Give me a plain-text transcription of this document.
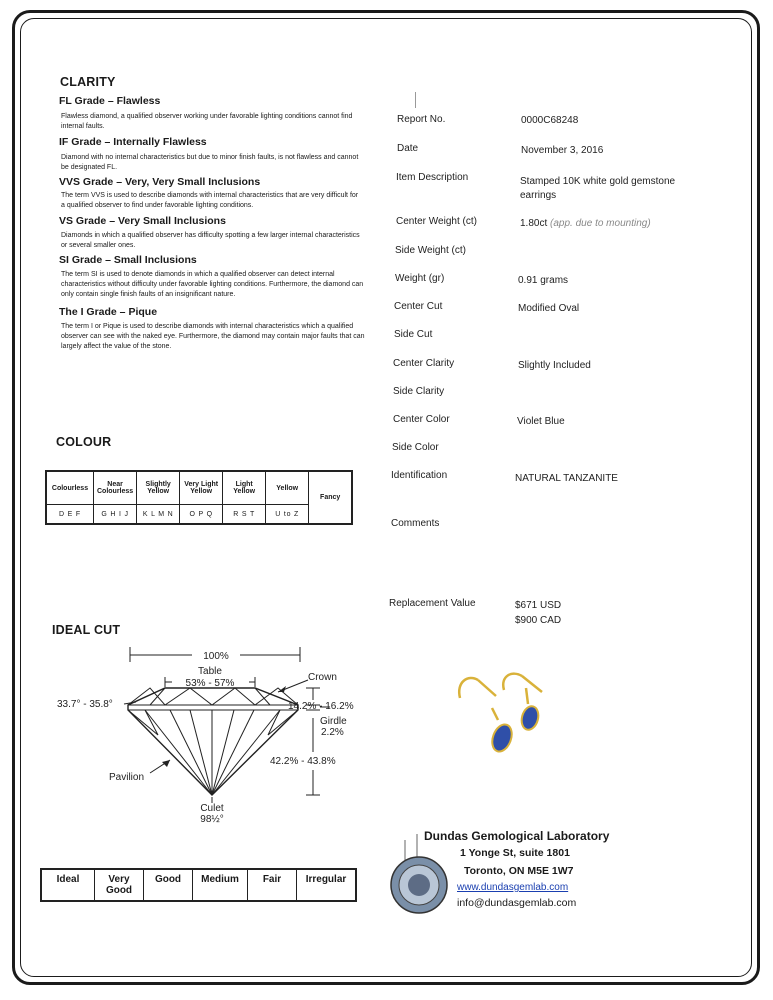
CLARITY
FL Grade – Flawless
Flawless diamond, a qualified observer working under favorable lighting conditions cannot find internal faults.
IF Grade – Internally Flawless
Diamond with no internal characteristics but due to minor finish faults, is not flawless and cannot be designated FL.
VVS Grade – Very, Very Small Inclusions
The term VVS is used to describe diamonds with internal characteristics that are very difficult for a qualified observer to find under favorable lighting conditions.
VS Grade – Very Small Inclusions
Diamonds in which a qualified observer has difficulty spotting a few larger internal characteristics or several smaller ones.
SI Grade – Small Inclusions
The term SI is used to denote diamonds in which a qualified observer can detect internal characteristics without difficulty under favorable lighting conditions. Furthermore, the diamond can only contain single finish faults of an insignificant nature.
The I Grade – Pique
The term I or Pique is used to describe diamonds with internal characteristics which a qualified observer can see with the naked eye. Furthermore, the diamond may contain major faults that can largely affect the value of the stone.
COLOUR
Colourless	Near Colourless	Slightly Yellow	Very Light Yellow	Light Yellow	Yellow	Fancy
D E F	G H I J	K L M N	O P Q	R S T	U to Z	
IDEAL CUT
100%
Table
53% - 57%
Crown
33.7° - 35.8°	14.2% - 16.2%
Girdle
2.2%
42.2% - 43.8%
Pavilion
Culet
98½°
Ideal	Very Good	Good	Medium	Fair	Irregular
Report No.	0000C68248
Date	November 3, 2016
Item Description	Stamped 10K white gold gemstone earrings
Center Weight (ct)	1.80ct (app. due to mounting)
Side Weight (ct)
Weight (gr)	0.91 grams
Center Cut	Modified Oval
Side Cut
Center Clarity	Slightly Included
Side Clarity
Center Color	Violet Blue
Side Color
Identification	NATURAL TANZANITE
Comments
Replacement Value	$671 USD
$900 CAD
Dundas Gemological Laboratory
1 Yonge St, suite 1801
Toronto, ON M5E 1W7
www.dundasgemlab.com
info@dundasgemlab.com
